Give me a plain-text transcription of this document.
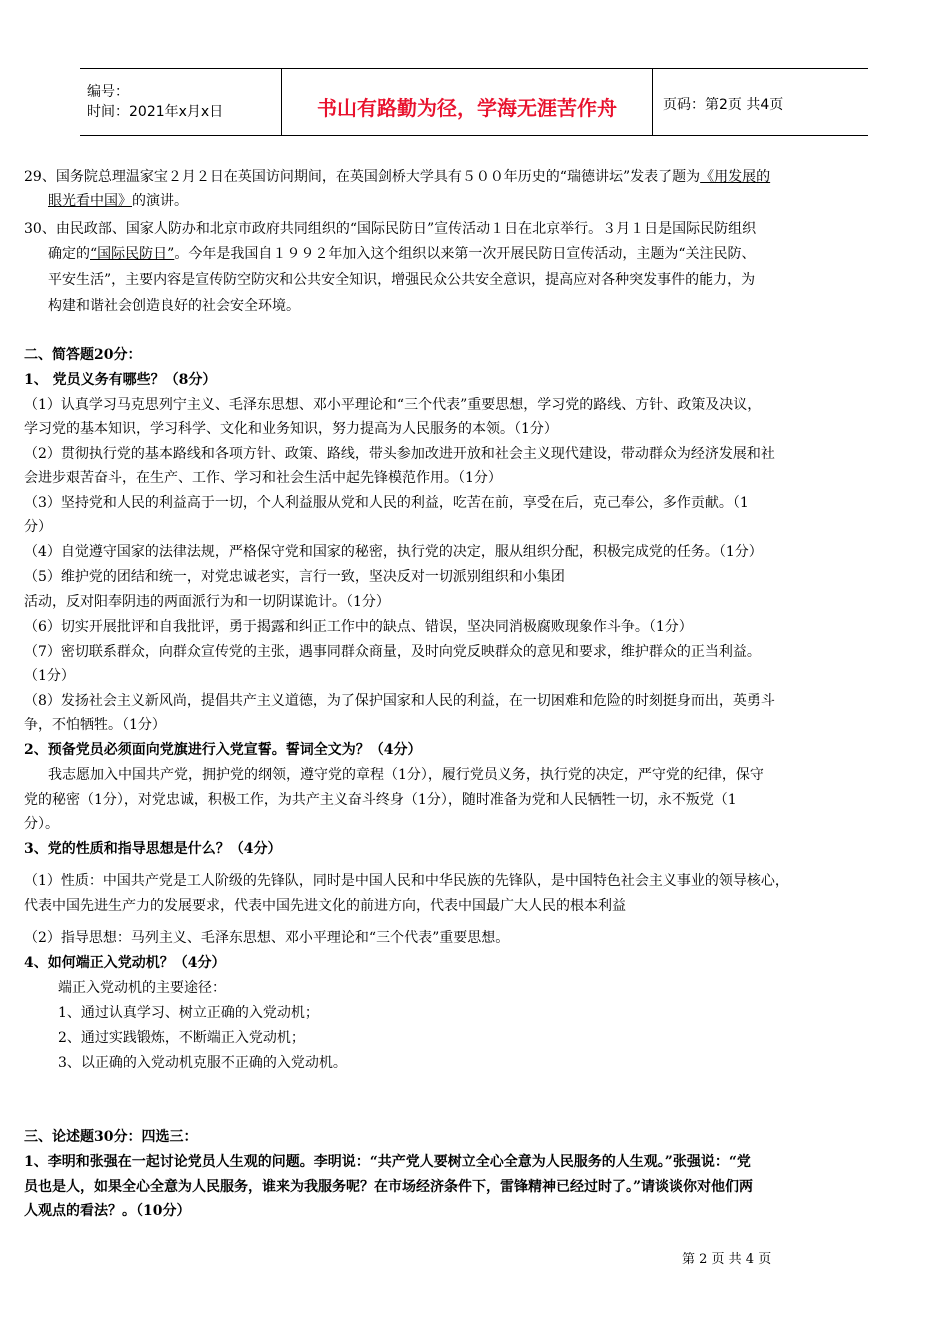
编号：
时间：2021年x月x日	书山有路勤为径，学海无涯苦作舟	页码：第2页 共4页
29、国务院总理温家宝２月２日在英国访问期间，在英国剑桥大学具有５００年历史的“瑞德讲坛”发表了题为《用发展的
眼光看中国》的演讲。
30、由民政部、国家人防办和北京市政府共同组织的“国际民防日”宣传活动１日在北京举行。３月１日是国际民防组织
确定的“国际民防日”。今年是我国自１９９２年加入这个组织以来第一次开展民防日宣传活动，主题为“关注民防、
平安生活”，主要内容是宣传防空防灾和公共安全知识，增强民众公共安全意识，提高应对各种突发事件的能力，为
构建和谐社会创造良好的社会安全环境。
二、简答题20分：
1、 党员义务有哪些？（8分）
（1）认真学习马克思列宁主义、毛泽东思想、邓小平理论和“三个代表”重要思想，学习党的路线、方针、政策及决议，
学习党的基本知识，学习科学、文化和业务知识，努力提高为人民服务的本领。（1分）
（2）贯彻执行党的基本路线和各项方针、政策、路线，带头参加改进开放和社会主义现代建设，带动群众为经济发展和社
会进步艰苦奋斗，在生产、工作、学习和社会生活中起先锋模范作用。（1分）
（3）坚持党和人民的利益高于一切，个人利益服从党和人民的利益，吃苦在前，享受在后，克己奉公，多作贡献。（1
分）
（4）自觉遵守国家的法律法规，严格保守党和国家的秘密，执行党的决定，服从组织分配，积极完成党的任务。（1分）
（5）维护党的团结和统一，对党忠诚老实，言行一致，坚决反对一切派别组织和小集团
活动，反对阳奉阴违的两面派行为和一切阴谋诡计。（1分）
（6）切实开展批评和自我批评，勇于揭露和纠正工作中的缺点、错误，坚决同消极腐败现象作斗争。（1分）
（7）密切联系群众，向群众宣传党的主张，遇事同群众商量，及时向党反映群众的意见和要求，维护群众的正当利益。
（1分）
（8）发扬社会主义新风尚，提倡共产主义道德，为了保护国家和人民的利益，在一切困难和危险的时刻挺身而出，英勇斗
争，不怕牺牲。（1分）
2、预备党员必须面向党旗进行入党宣誓。誓词全文为？（4分）
我志愿加入中国共产党，拥护党的纲领，遵守党的章程（1分），履行党员义务，执行党的决定，严守党的纪律，保守
党的秘密（1分），对党忠诚，积极工作，为共产主义奋斗终身（1分），随时准备为党和人民牺牲一切，永不叛党（1
分）。
3、党的性质和指导思想是什么？（4分）
（1）性质：中国共产党是工人阶级的先锋队，同时是中国人民和中华民族的先锋队，是中国特色社会主义事业的领导核心，
代表中国先进生产力的发展要求，代表中国先进文化的前进方向，代表中国最广大人民的根本利益
（2）指导思想：马列主义、毛泽东思想、邓小平理论和“三个代表”重要思想。
4、如何端正入党动机？（4分）
端正入党动机的主要途径：
1、通过认真学习、树立正确的入党动机；
2、通过实践锻炼，不断端正入党动机；
3、以正确的入党动机克服不正确的入党动机。
三、论述题30分：四选三：
1、李明和张强在一起讨论党员人生观的问题。李明说：“共产党人要树立全心全意为人民服务的人生观。”张强说：“党
员也是人，如果全心全意为人民服务，谁来为我服务呢？在市场经济条件下，雷锋精神已经过时了。”请谈谈你对他们两
人观点的看法？。（10分）
第 2 页 共 4 页
